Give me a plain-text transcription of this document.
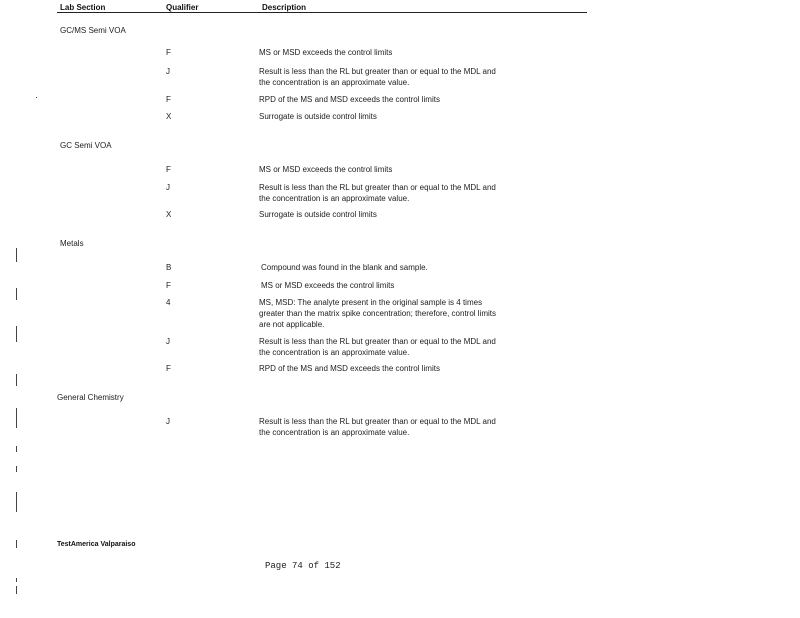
Lab Section	Qualifier	Description
GC/MS Semi VOA
F	MS or MSD exceeds the control limits
J	Result is less than the RL but greater than or equal to the MDL and the concentration is an approximate value.
F	RPD of the MS and MSD exceeds the control limits
X	Surrogate is outside control limits
GC Semi VOA
F	MS or MSD exceeds the control limits
J	Result is less than the RL but greater than or equal to the MDL and the concentration is an approximate value.
X	Surrogate is outside control limits
Metals
B	Compound was found in the blank and sample.
F	MS or MSD exceeds the control limits
4	MS, MSD: The analyte present in the original sample is 4 times greater than the matrix spike concentration; therefore, control limits are not applicable.
J	Result is less than the RL but greater than or equal to the MDL and the concentration is an approximate value.
F	RPD of the MS and MSD exceeds the control limits
General Chemistry
J	Result is less than the RL but greater than or equal to the MDL and the concentration is an approximate value.
TestAmerica Valparaiso
Page 74 of 152
